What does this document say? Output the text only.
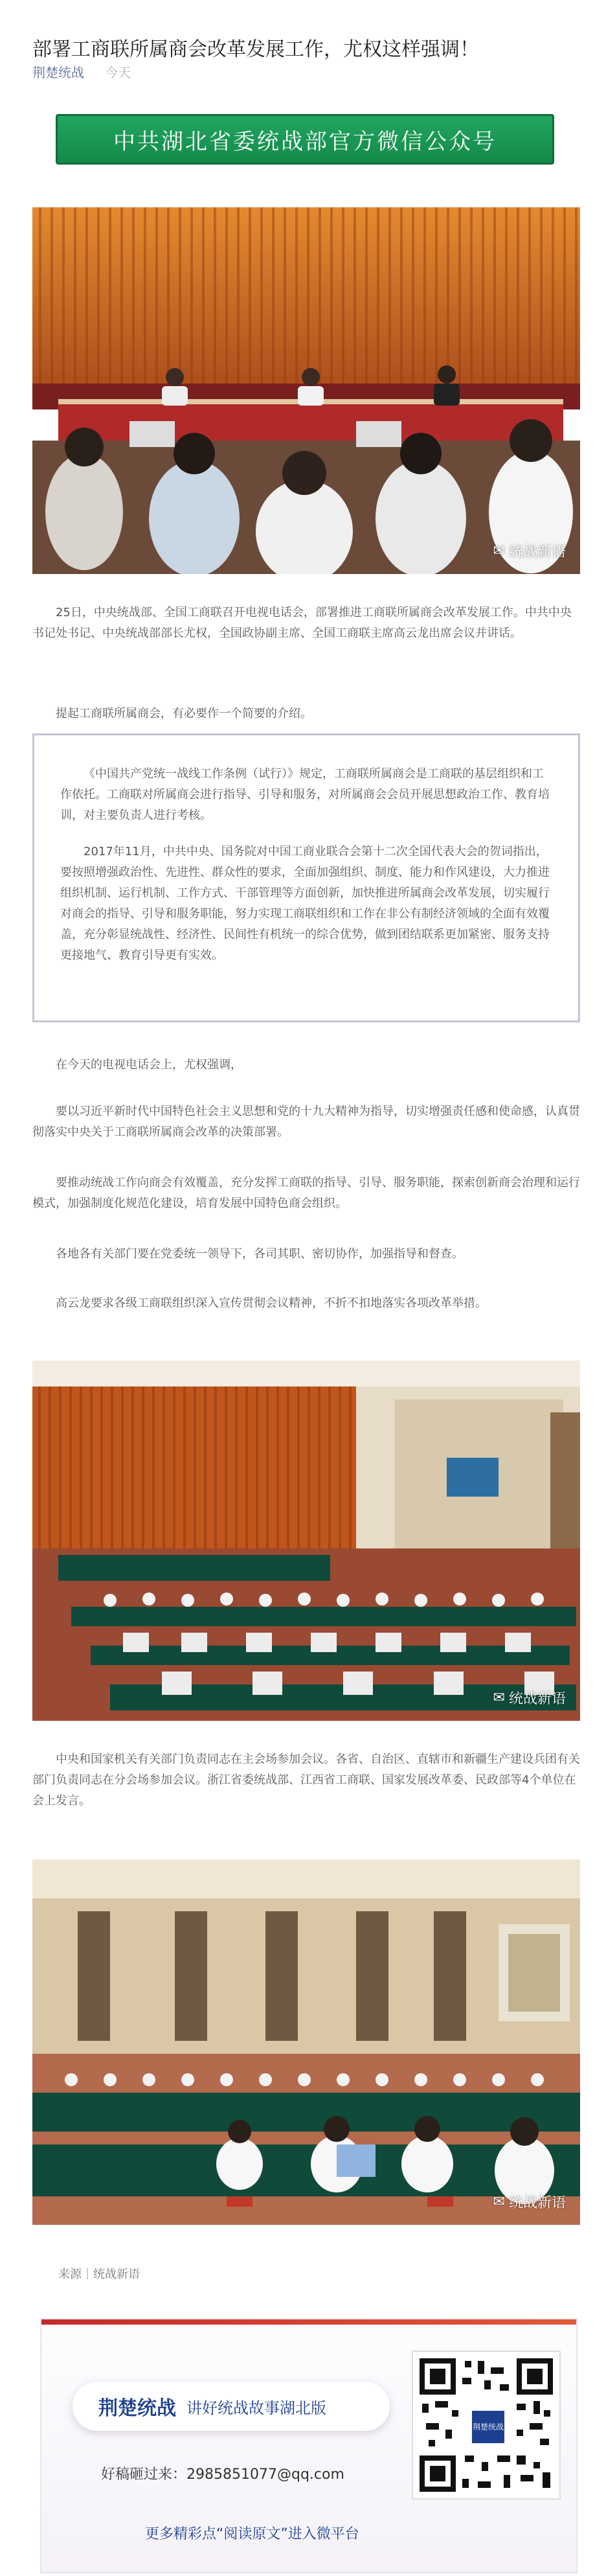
部署工商联所属商会改革发展工作，尤权这样强调！
荆楚统战 今天
中共湖北省委统战部官方微信公众号
✉ 统战新语

25日，中央统战部、全国工商联召开电视电话会，部署推进工商联所属商会改革发展工作。中共中央书记处书记、中央统战部部长尤权，全国政协副主席、全国工商联主席高云龙出席会议并讲话。

提起工商联所属商会，有必要作一个简要的介绍。

《中国共产党统一战线工作条例（试行）》规定，工商联所属商会是工商联的基层组织和工作依托。工商联对所属商会进行指导、引导和服务，对所属商会会员开展思想政治工作、教育培训，对主要负责人进行考核。

2017年11月，中共中央、国务院对中国工商业联合会第十二次全国代表大会的贺词指出，要按照增强政治性、先进性、群众性的要求，全面加强组织、制度、能力和作风建设，大力推进组织机制、运行机制、工作方式、干部管理等方面创新，加快推进所属商会改革发展，切实履行对商会的指导、引导和服务职能，努力实现工商联组织和工作在非公有制经济领域的全面有效覆盖，充分彰显统战性、经济性、民间性有机统一的综合优势，做到团结联系更加紧密、服务支持更接地气、教育引导更有实效。

在今天的电视电话会上，尤权强调，

要以习近平新时代中国特色社会主义思想和党的十九大精神为指导，切实增强责任感和使命感，认真贯彻落实中央关于工商联所属商会改革的决策部署。

要推动统战工作向商会有效覆盖，充分发挥工商联的指导、引导、服务职能，探索创新商会治理和运行模式，加强制度化规范化建设，培育发展中国特色商会组织。

各地各有关部门要在党委统一领导下，各司其职、密切协作，加强指导和督查。

高云龙要求各级工商联组织深入宣传贯彻会议精神，不折不扣地落实各项改革举措。

✉ 统战新语

中央和国家机关有关部门负责同志在主会场参加会议。各省、自治区、直辖市和新疆生产建设兵团有关部门负责同志在分会场参加会议。浙江省委统战部、江西省工商联、国家发展改革委、民政部等4个单位在会上发言。

✉ 统战新语
来源｜统战新语
荆楚统战 讲好统战故事湖北版
好稿砸过来：2985851077@qq.com
更多精彩点“阅读原文”进入微平台
荆楚统战
